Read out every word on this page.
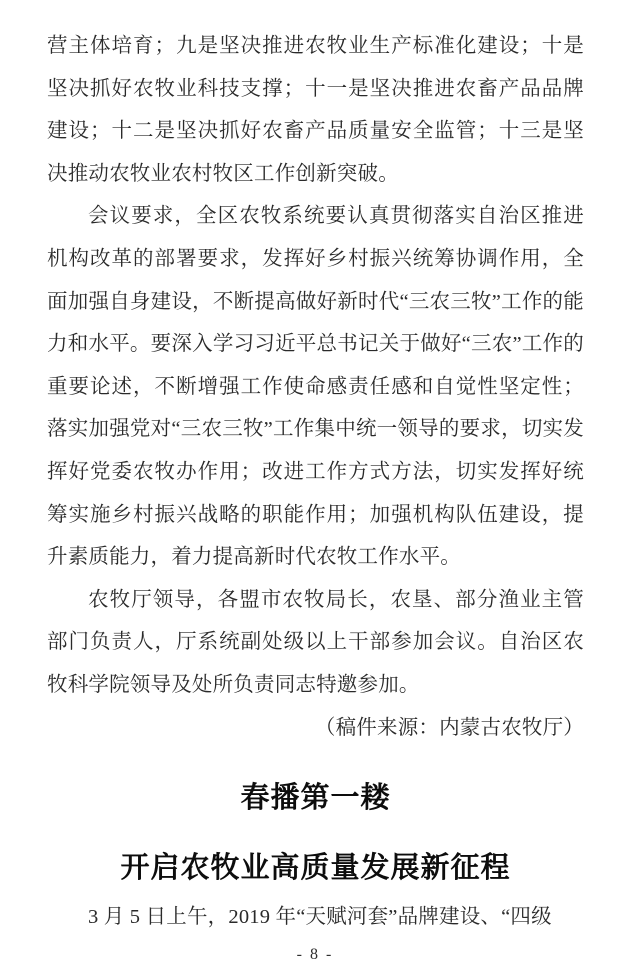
营主体培育；九是坚决推进农牧业生产标准化建设；十是坚决抓好农牧业科技支撑；十一是坚决推进农畜产品品牌建设；十二是坚决抓好农畜产品质量安全监管；十三是坚决推动农牧业农村牧区工作创新突破。

会议要求，全区农牧系统要认真贯彻落实自治区推进机构改革的部署要求，发挥好乡村振兴统筹协调作用，全面加强自身建设，不断提高做好新时代“三农三牧”工作的能力和水平。要深入学习习近平总书记关于做好“三农”工作的重要论述，不断增强工作使命感责任感和自觉性坚定性；落实加强党对“三农三牧”工作集中统一领导的要求，切实发挥好党委农牧办作用；改进工作方式方法，切实发挥好统筹实施乡村振兴战略的职能作用；加强机构队伍建设，提升素质能力，着力提高新时代农牧工作水平。

农牧厅领导，各盟市农牧局长，农垦、部分渔业主管部门负责人，厅系统副处级以上干部参加会议。自治区农牧科学院领导及处所负责同志特邀参加。

（稿件来源：内蒙古农牧厅）

春播第一耧
开启农牧业高质量发展新征程

3 月 5 日上午，2019 年“天赋河套”品牌建设、“四级

- 8 -
